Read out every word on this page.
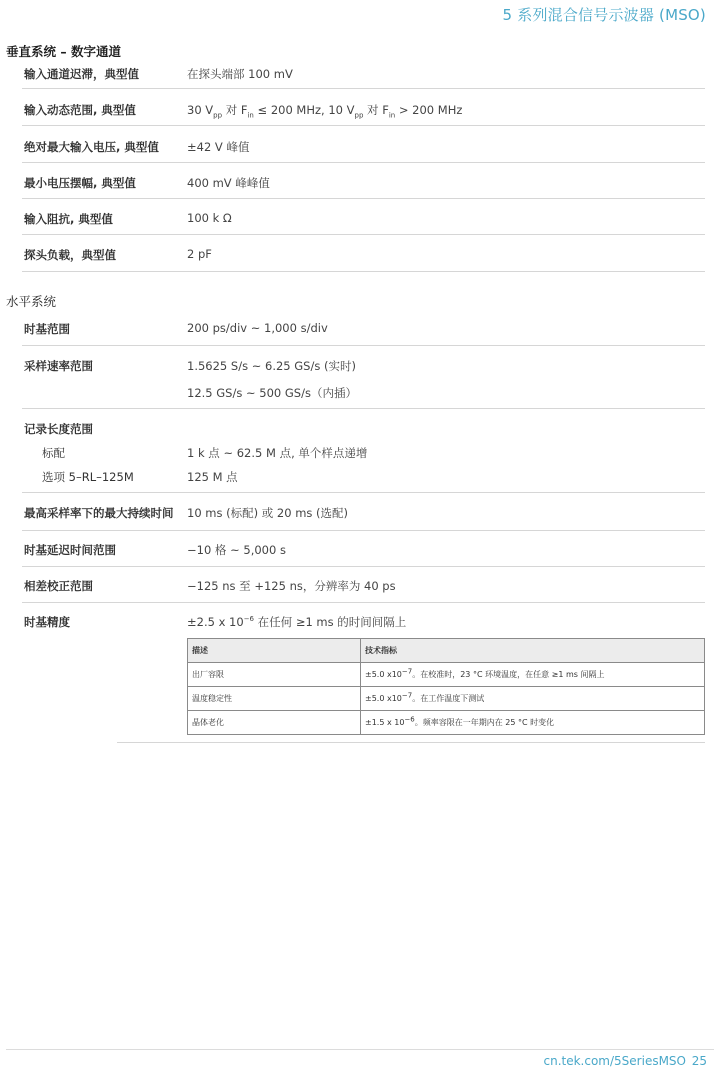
5 系列混合信号示波器 (MSO)
垂直系统 – 数字通道
输入通道迟滞，典型值	在探头端部 100 mV
输入动态范围, 典型值	30 $V_{pp}$ 对 $F_{in} \le 200$ MHz, 10 $V_{pp}$ 对 $F_{in} > 200$ MHz
绝对最大输入电压, 典型值 ±42 V 峰值
最小电压摆幅, 典型值	400 mV 峰峰值
输入阻抗, 典型值	100 k Ω
探头负载，典型值	2 pF
水平系统
时基范围	200 ps/div ~ 1,000 s/div
采样速率范围	1.5625 S/s ~ 6.25 GS/s (实时)
12.5 GS/s ~ 500 GS/s（内插）
记录长度范围
标配	1 k 点 ~ 62.5 M 点, 单个样点递增
选项 5–RL–125M	125 M 点
最高采样率下的最大持续时间 10 ms (标配) 或 20 ms (选配)
时基延迟时间范围	−10 格 ~ 5,000 s
相差校正范围	−125 ns 至 +125 ns，分辨率为 40 ps
时基精度	±2.5 x $10^{-6}$ 在任何 ≥1 ms 的时间间隔上
描述	技术指标
出厂容限	±5.0 $x10^{-7}$。在校准时，23 °C 环境温度，在任意 ≥1 ms 间隔上
温度稳定性	±5.0 $x10^{-7}$。在工作温度下测试
晶体老化	±1.5 x $10^{-6}$。频率容限在一年期内在 25 °C 时变化
cn.tek.com/5SeriesMSO 25
